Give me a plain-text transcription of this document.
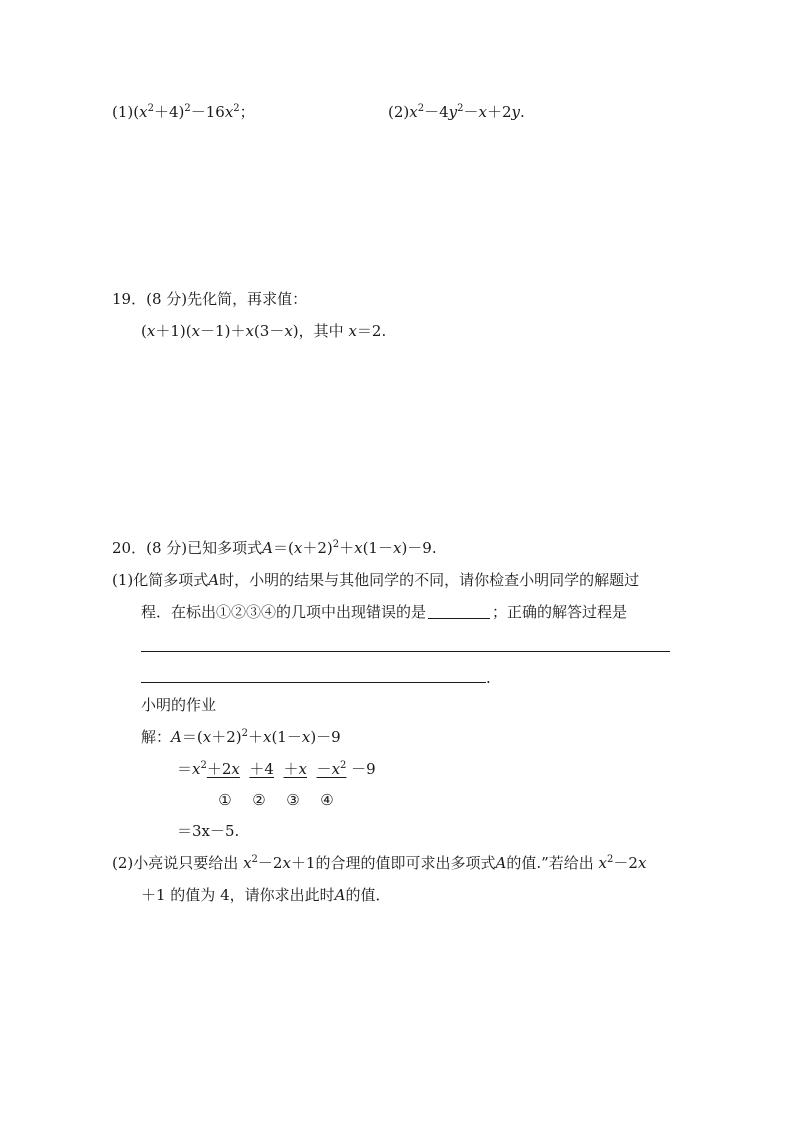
$(1)(x^2+4)^2-16x^2$；	$(2)x^2-4y^2-x+2y$.
19．(8 分)先化简，再求值：
(x＋1)(x－1)＋x(3－x)，其中 x＝2.
20．(8 分)已知多项式$A=(x+2)^2+x(1-x)-9$.
(1)化简多项式A时，小明的结果与其他同学的不同，请你检查小明同学的解题过
程．在标出①②③④的几项中出现错误的是	；正确的解答过程是
.
小明的作业
解：$A=(x+2)^2+x(1-x)-9$
$=x^2+2x +4 +x -x^2 -9$
① ② ③ ④
＝3x－5.
(2)小亮说只要给出 $x^2-2x+1$的合理的值即可求出多项式A的值.”若给出 $x^2-2x$
＋1 的值为 4，请你求出此时A的值．
